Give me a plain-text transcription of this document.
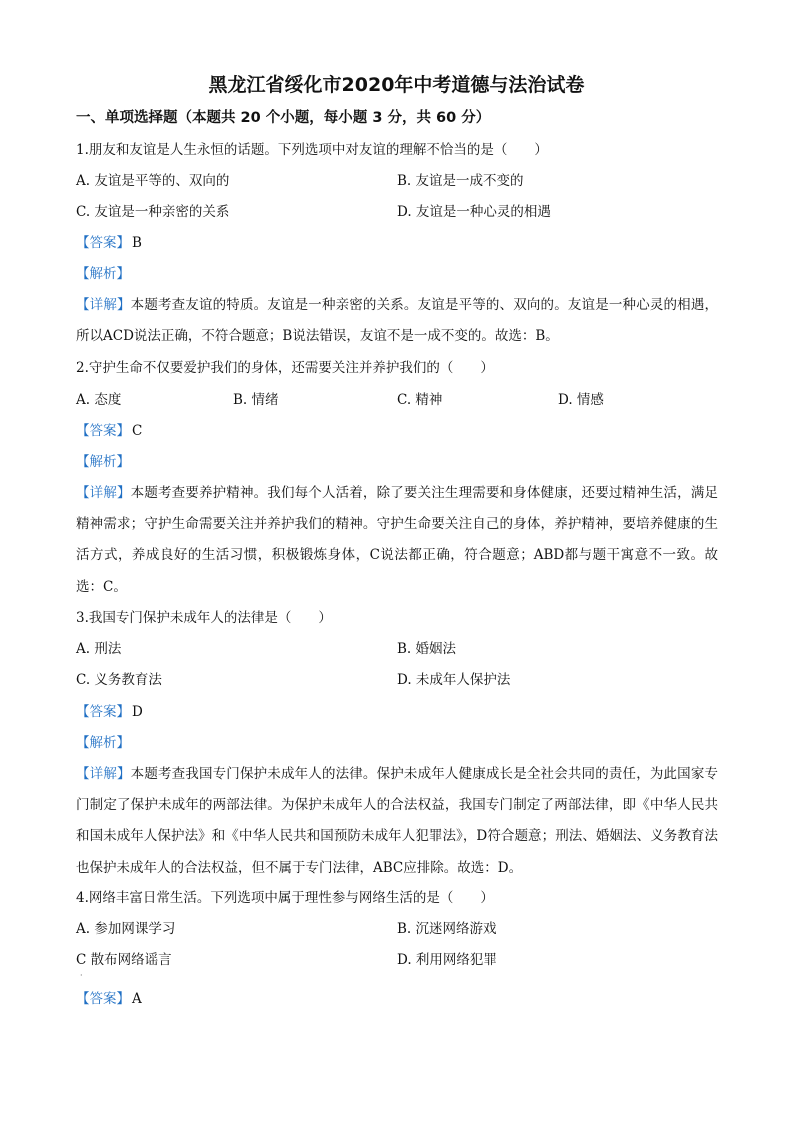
黑龙江省绥化市2020年中考道德与法治试卷
一、单项选择题（本题共 20 个小题，每小题 3 分，共 60 分）
1.朋友和友谊是人生永恒的话题。下列选项中对友谊的理解不恰当的是（　　）
A. 友谊是平等的、双向的	B. 友谊是一成不变的
C. 友谊是一种亲密的关系	D. 友谊是一种心灵的相遇
【答案】 B
【解析】
【详解】本题考查友谊的特质。友谊是一种亲密的关系。友谊是平等的、双向的。友谊是一种心灵的相遇，所以ACD说法正确，不符合题意；B说法错误，友谊不是一成不变的。故选：B。
2.守护生命不仅要爱护我们的身体，还需要关注并养护我们的（　　）
A. 态度	B. 情绪	C. 精神	D. 情感
【答案】 C
【解析】
【详解】本题考查要养护精神。我们每个人活着，除了要关注生理需要和身体健康，还要过精神生活，满足精神需求；守护生命需要关注并养护我们的精神。守护生命要关注自己的身体，养护精神，要培养健康的生活方式，养成良好的生活习惯，积极锻炼身体，C说法都正确，符合题意；ABD都与题干寓意不一致。故选：C。
3.我国专门保护未成年人的法律是（　　）
A. 刑法	B. 婚姻法
C. 义务教育法	D. 未成年人保护法
【答案】 D
【解析】
【详解】本题考查我国专门保护未成年人的法律。保护未成年人健康成长是全社会共同的责任，为此国家专门制定了保护未成年的两部法律。为保护未成年人的合法权益，我国专门制定了两部法律，即《中华人民共和国未成年人保护法》和《中华人民共和国预防未成年人犯罪法》，D符合题意；刑法、婚姻法、义务教育法也保护未成年人的合法权益，但不属于专门法律，ABC应排除。故选：D。
4.网络丰富日常生活。下列选项中属于理性参与网络生活的是（　　）
A. 参加网课学习	B. 沉迷网络游戏
C 散布网络谣言	D. 利用网络犯罪
·
【答案】 A
